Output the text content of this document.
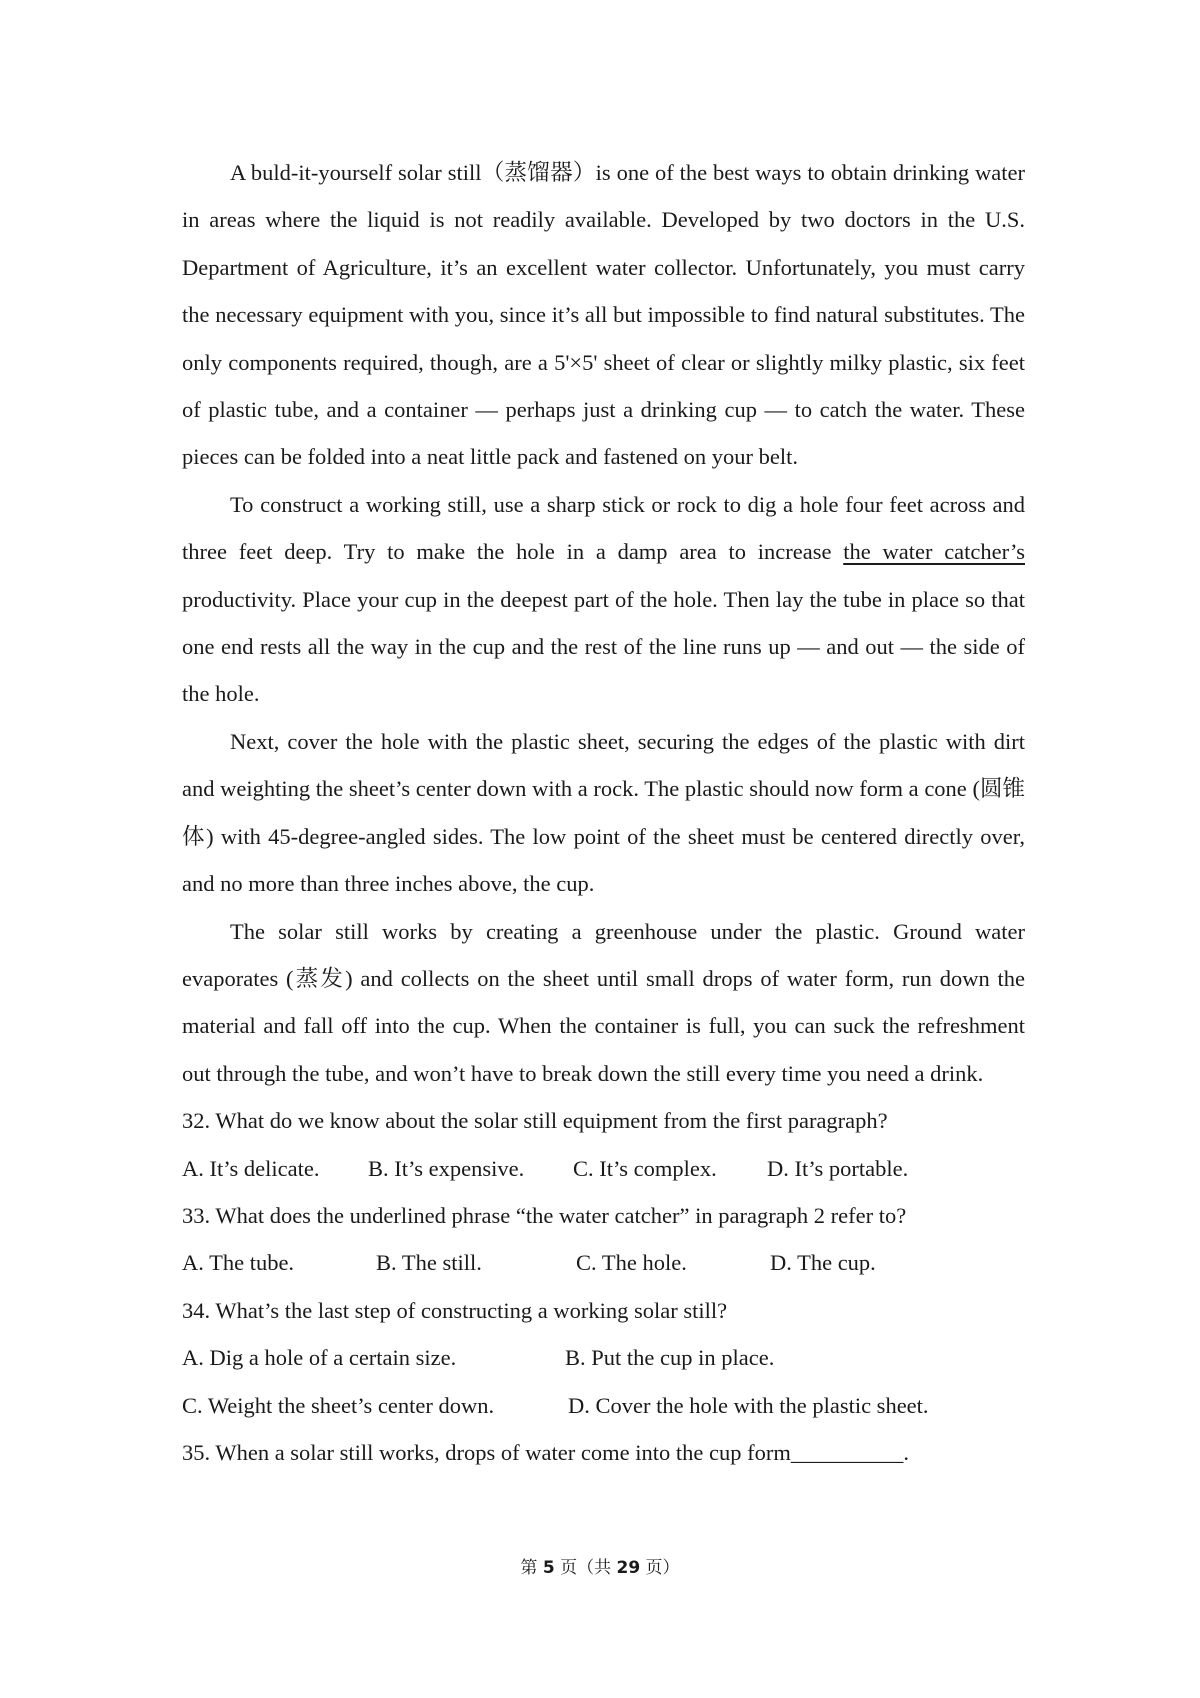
A buld-it-yourself solar still（蒸馏器）is one of the best ways to obtain drinking water in areas where the liquid is not readily available. Developed by two doctors in the U.S. Department of Agriculture, it’s an excellent water collector. Unfortunately, you must carry the necessary equipment with you, since it’s all but impossible to find natural substitutes. The only components required, though, are a 5'×5' sheet of clear or slightly milky plastic, six feet of plastic tube, and a container — perhaps just a drinking cup — to catch the water. These pieces can be folded into a neat little pack and fastened on your belt.

To construct a working still, use a sharp stick or rock to dig a hole four feet across and three feet deep. Try to make the hole in a damp area to increase the water catcher’s productivity. Place your cup in the deepest part of the hole. Then lay the tube in place so that one end rests all the way in the cup and the rest of the line runs up — and out — the side of the hole.

Next, cover the hole with the plastic sheet, securing the edges of the plastic with dirt and weighting the sheet’s center down with a rock. The plastic should now form a cone (圆锥体) with 45-degree-angled sides. The low point of the sheet must be centered directly over, and no more than three inches above, the cup.

The solar still works by creating a greenhouse under the plastic. Ground water evaporates (蒸发) and collects on the sheet until small drops of water form, run down the material and fall off into the cup. When the container is full, you can suck the refreshment out through the tube, and won’t have to break down the still every time you need a drink.

32. What do we know about the solar still equipment from the first paragraph?

A. It’s delicate. B. It’s expensive. C. It’s complex. D. It’s portable.

33. What does the underlined phrase “the water catcher” in paragraph 2 refer to?

A. The tube.	B. The still.	C. The hole.	D. The cup.

34. What’s the last step of constructing a working solar still?

A. Dig a hole of a certain size.	B. Put the cup in place.
C. Weight the sheet’s center down.	D. Cover the hole with the plastic sheet.

35. When a solar still works, drops of water come into the cup form__________.

第 5 页（共 29 页）
